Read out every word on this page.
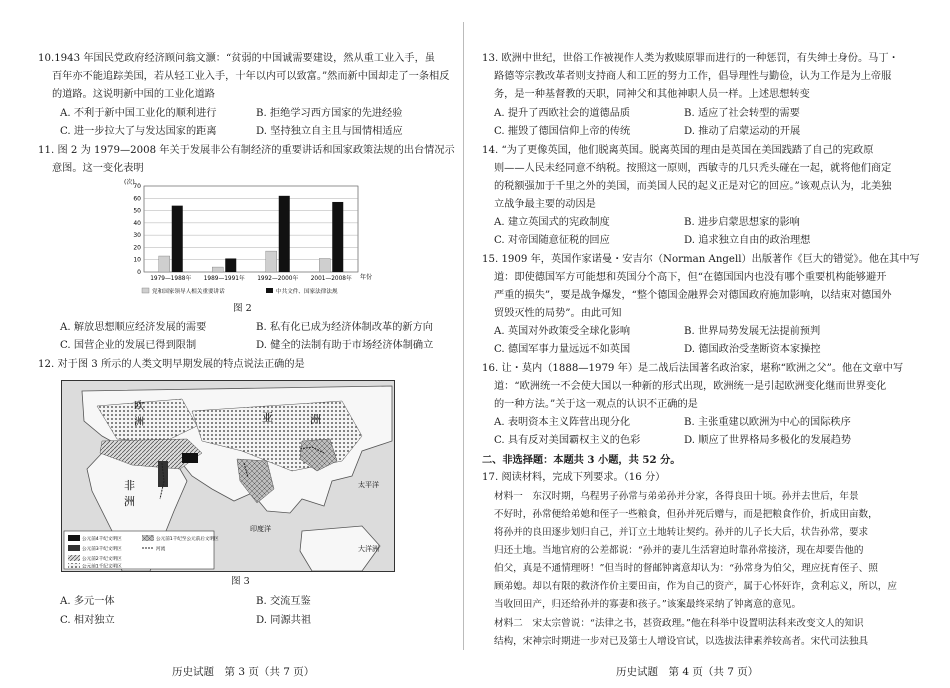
10.1943 年国民党政府经济顾问翁文灏：“贫弱的中国诚需要建设，然从重工业入手，虽
百年亦不能追踪美国，若从轻工业入手，十年以内可以致富。”然而新中国却走了一条相反
的道路。这说明新中国的工业化道路
A. 不利于新中国工业化的顺利进行	B. 拒绝学习西方国家的先进经验
C. 进一步拉大了与发达国家的距离	D. 坚持独立自主且与国情相适应
11. 图 2 为 1979—2008 年关于发展非公有制经济的重要讲话和国家政策法规的出台情况示
意图。这一变化表明
0
10
20
30
40
50
60
70
1979—1988年 1989—1991年 1992—2000年 2001—2008年
(次)
年份
党和国家领导人相关重要讲话	中共文件、国家法律法规
图 2
A. 解放思想顺应经济发展的需要	B. 私有化已成为经济体制改革的新方向
C. 国营企业的发展已得到限制	D. 健全的法制有助于市场经济体制确立
12. 对于图 3 所示的人类文明早期发展的特点说法正确的是
欧
洲	亚	洲
非
洲
太平洋
大洋洲
印度洋
公元前4千纪文明区	公元前1千纪至公元前后文明区
公元前3千纪文明区	河流
公元前2千纪文明区
公元前1千纪文明区
图 3
A. 多元一体	B. 交流互鉴
C. 相对独立	D. 同源共祖
历史试题　第 3 页（共 7 页）
13. 欧洲中世纪，世俗工作被视作人类为救赎原罪而进行的一种惩罚，有失绅士身份。马丁・
路德等宗教改革者则支持商人和工匠的努力工作，倡导理性与勤俭，认为工作是为上帝服
务，是一种基督教的天职，同神父和其他神职人员一样。上述思想转变
A. 提升了西欧社会的道德品质	B. 适应了社会转型的需要
C. 摧毁了德国信仰上帝的传统	D. 推动了启蒙运动的开展
14. “为了更像英国，他们脱离英国。脱离英国的理由是英国在美国践踏了自己的宪政原
则——人民未经同意不纳税。按照这一原则，西敏寺的几只秃头碰在一起，就将他们商定
的税额强加于千里之外的美国，而美国人民的起义正是对它的回应。”该观点认为，北美独
立战争最主要的动因是
A. 建立英国式的宪政制度	B. 进步启蒙思想家的影响
C. 对帝国随意征税的回应	D. 追求独立自由的政治理想
15. 1909 年，英国作家诺曼・安吉尔（Norman Angell）出版著作《巨大的错觉》。他在其中写
道：即使德国军方可能想和英国分个高下，但“在德国国内也没有哪个重要机构能够避开
严重的损失”，要是战争爆发，“整个德国金融界会对德国政府施加影响，以结束对德国外
贸毁灭性的局势”。由此可知
A. 英国对外政策受全球化影响	B. 世界局势发展无法提前预判
C. 德国军事力量远远不如英国	D. 德国政治受垄断资本家操控
16. 让・莫内（1888—1979 年）是二战后法国著名政治家，堪称“欧洲之父”。他在文章中写
道：“欧洲统一不会使大国以一种新的形式出现，欧洲统一是引起欧洲变化继而世界变化
的一种方法。”关于这一观点的认识不正确的是
A. 表明资本主义阵营出现分化	B. 主张重建以欧洲为中心的国际秩序
C. 具有反对美国霸权主义的色彩	D. 顺应了世界格局多极化的发展趋势
二、非选择题：本题共 3 小题，共 52 分。
17. 阅读材料，完成下列要求。（16 分）
材料一　东汉时期，乌程男子孙常与弟弟孙并分家，各得良田十顷。孙并去世后，年景
不好时，孙常便给弟媳和侄子一些粮食，但孙并死后赠与，而是把粮食作价，折成田亩数，
将孙并的良田逐步划归自己，并订立土地转让契约。孙并的儿子长大后，状告孙常，要求
归还土地。当地官府的公差都说：“孙并的妻儿生活窘迫时靠孙常接济，现在却要告他的
伯父，真是不通情理呀！”但当时的督邮钟离意却认为：“孙常身为伯父，理应抚育侄子、照
顾弟媳。却以有限的救济作价主要田亩，作为自己的资产，属于心怀奸诈，贪利忘义，所以，应
当收回田产，归还给孙并的寡妻和孩子。”该案最终采纳了钟离意的意见。
材料二　宋太宗曾说：“法律之书，甚资政理。”他在科举中设置明法科来改变文人的知识
结构，宋神宗时期进一步对已及第士人增设官试，以选拔法律素养较高者。宋代司法独具
历史试题　第 4 页（共 7 页）
